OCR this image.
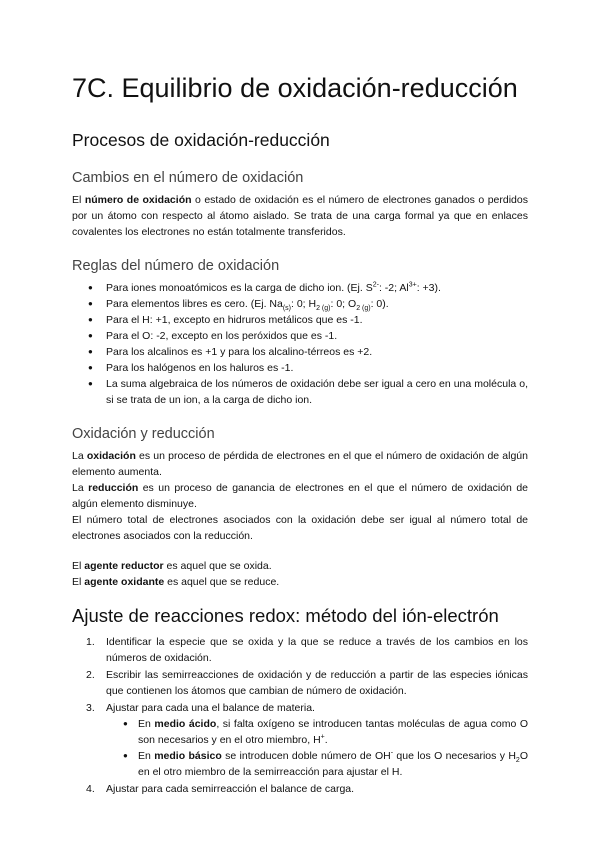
7C. Equilibrio de oxidación-reducción
Procesos de oxidación-reducción
Cambios en el número de oxidación

El número de oxidación o estado de oxidación es el número de electrones ganados o perdidos por un átomo con respecto al átomo aislado. Se trata de una carga formal ya que en enlaces covalentes los electrones no están totalmente transferidos.

Reglas del número de oxidación
● Para iones monoatómicos es la carga de dicho ion. (Ej. $S^{2-}$: -2; $Al^{3+}$: +3).
● Para elementos libres es cero. (Ej. $Na_{(s)}$: 0; $H_{2 (g)}$: 0; $O_{2 (g)}$: 0).
● Para el H: +1, excepto en hidruros metálicos que es -1.
● Para el O: -2, excepto en los peróxidos que es -1.
● Para los alcalinos es +1 y para los alcalino-térreos es +2.
● Para los halógenos en los haluros es -1.
● La suma algebraica de los números de oxidación debe ser igual a cero en una molécula o, si se trata de un ion, a la carga de dicho ion.
Oxidación y reducción

La oxidación es un proceso de pérdida de electrones en el que el número de oxidación de algún elemento aumenta.

La reducción es un proceso de ganancia de electrones en el que el número de oxidación de algún elemento disminuye.

El número total de electrones asociados con la oxidación debe ser igual al número total de electrones asociados con la reducción.

El agente reductor es aquel que se oxida.

El agente oxidante es aquel que se reduce.

Ajuste de reacciones redox: método del ión-electrón
1. Identificar la especie que se oxida y la que se reduce a través de los cambios en los números de oxidación.
2. Escribir las semirreacciones de oxidación y de reducción a partir de las especies iónicas que contienen los átomos que cambian de número de oxidación.
3. Ajustar para cada una el balance de materia.
● En medio ácido, si falta oxígeno se introducen tantas moléculas de agua como O son necesarios y en el otro miembro, H+.
● En medio básico se introducen doble número de OH- que los O necesarios y $H_2O$ en el otro miembro de la semirreacción para ajustar el H.
4. Ajustar para cada semirreacción el balance de carga.
